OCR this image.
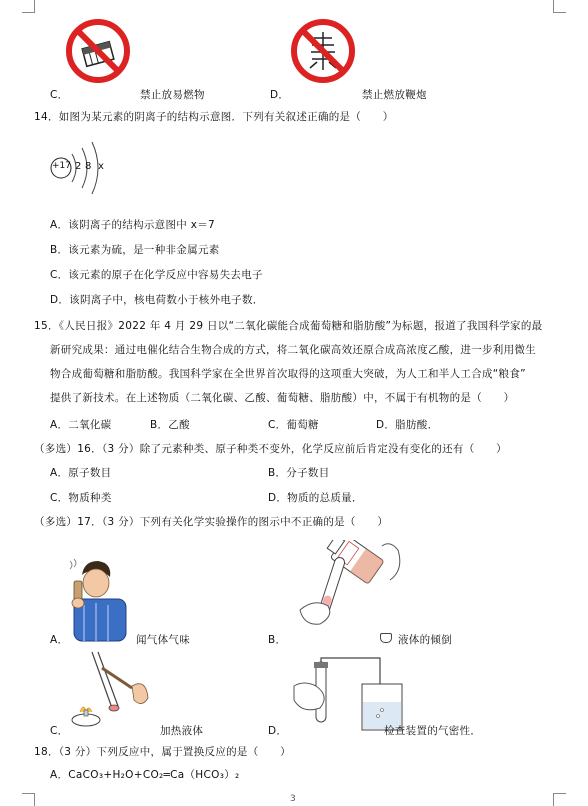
C．	禁止放易燃物	D．	禁止燃放鞭炮
14．如图为某元素的阴离子的结构示意图．下列有关叙述正确的是（　　）
+17 2 8 x
A．该阴离子的结构示意图中 x＝7
B．该元素为硫，是一种非金属元素
C．该元素的原子在化学反应中容易失去电子
D．该阴离子中，核电荷数小于核外电子数．
15．《人民日报》2022 年 4 月 29 日以“二氧化碳能合成葡萄糖和脂肪酸”为标题，报道了我国科学家的最
新研究成果：通过电催化结合生物合成的方式，将二氧化碳高效还原合成高浓度乙酸，进一步利用微生
物合成葡萄糖和脂肪酸。我国科学家在全世界首次取得的这项重大突破，为人工和半人工合成“粮食”
提供了新技术。在上述物质（二氧化碳、乙酸、葡萄糖、脂肪酸）中，不属于有机物的是（　　）
A．二氧化碳	B．乙酸	C．葡萄糖	D．脂肪酸．
（多选）16．（3 分）除了元素种类、原子种类不变外，化学反应前后肯定没有变化的还有（　　）
A．原子数目	B．分子数目
C．物质种类	D．物质的总质量．
（多选）17．（3 分）下列有关化学实验操作的图示中不正确的是（　　）
A．	闻气体气味	B．	液体的倾倒
C．	加热液体	D．	检查装置的气密性．
18．（3 分）下列反应中，属于置换反应的是（　　）
A．CaCO₃+H₂O+CO₂═Ca（HCO₃）₂
3
